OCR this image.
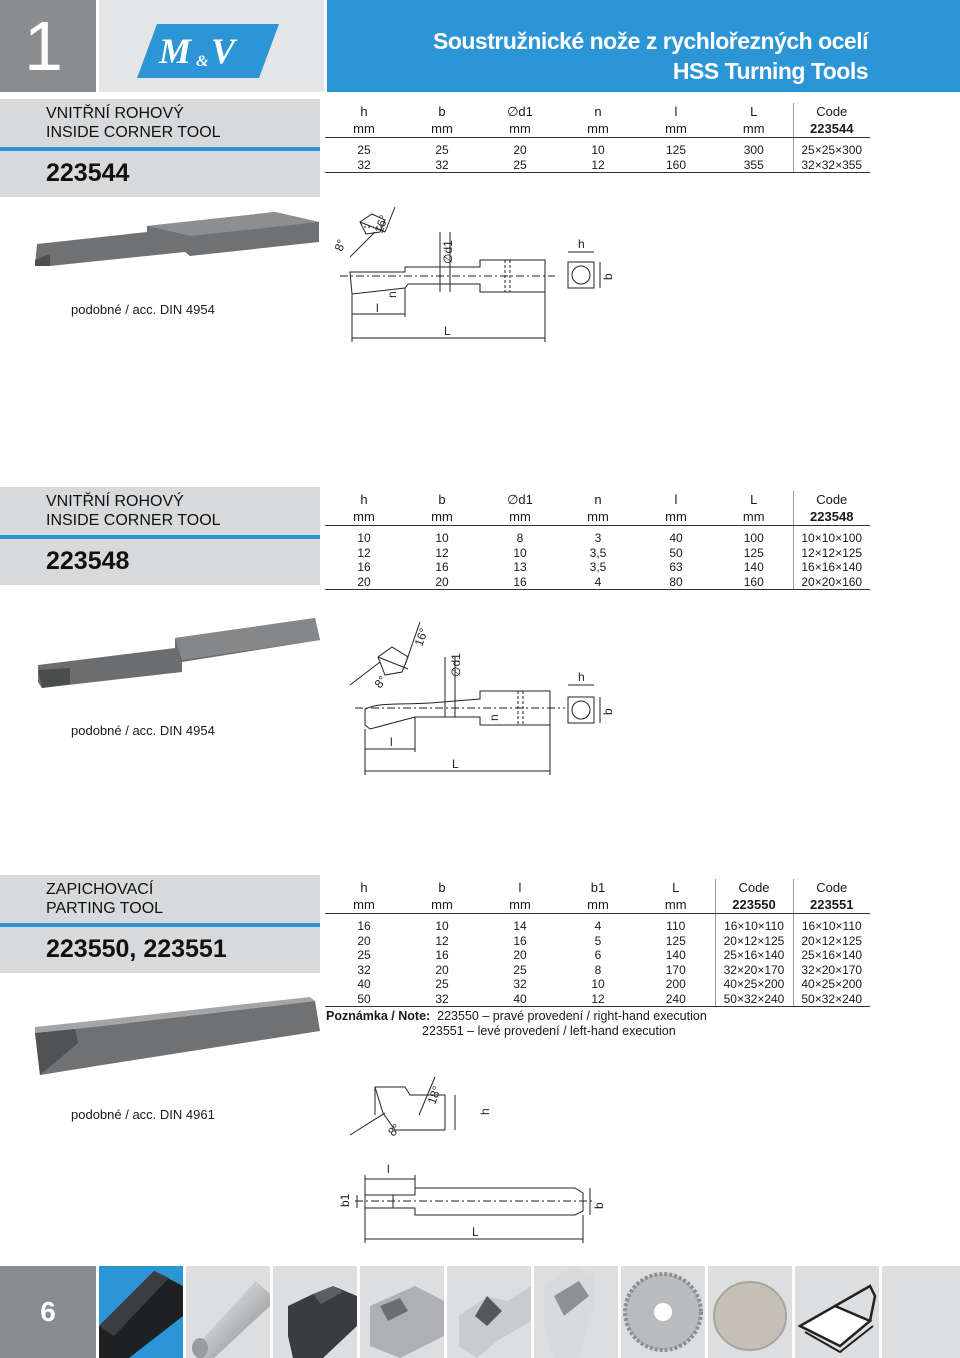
1	M & V	Soustružnické nože z rychlořezných ocelí
HSS Turning Tools
VNITŘNÍ ROHOVÝ
INSIDE CORNER TOOL
223544
h	b	∅d1	n	l	L	Code
mm	mm	mm	mm	mm	mm	223544
25	25	20	10	125	300	25×25×300
32	32	25	12	160	355	32×32×355
8°
16°
∅d1
n
l
L
h
b
podobné / acc. DIN 4954
VNITŘNÍ ROHOVÝ
INSIDE CORNER TOOL
223548
h	b	∅d1	n	l	L	Code
mm	mm	mm	mm	mm	mm	223548
10	10	8	3	40	100	10×10×100
12	12	10	3,5	50	125	12×12×125
16	16	13	3,5	63	140	16×16×140
20	20	16	4	80	160	20×20×160
8°
16°
∅d1
n
l
L
h
b
podobné / acc. DIN 4954
ZAPICHOVACÍ
PARTING TOOL
223550, 223551
h	b	l	b1	L	Code	Code
mm	mm	mm	mm	mm	223550	223551
16	10	14	4	110	16×10×110	16×10×110
20	12	16	5	125	20×12×125	20×12×125
25	16	20	6	140	25×16×140	25×16×140
32	20	25	8	170	32×20×170	32×20×170
40	25	32	10	200	40×25×200	40×25×200
50	32	40	12	240	50×32×240	50×32×240
Poznámka / Note: 223550 – pravé provedení / right-hand execution
223551 – levé provedení / left-hand execution
8°
18°
h
l
b1
L
b
podobné / acc. DIN 4961
6
